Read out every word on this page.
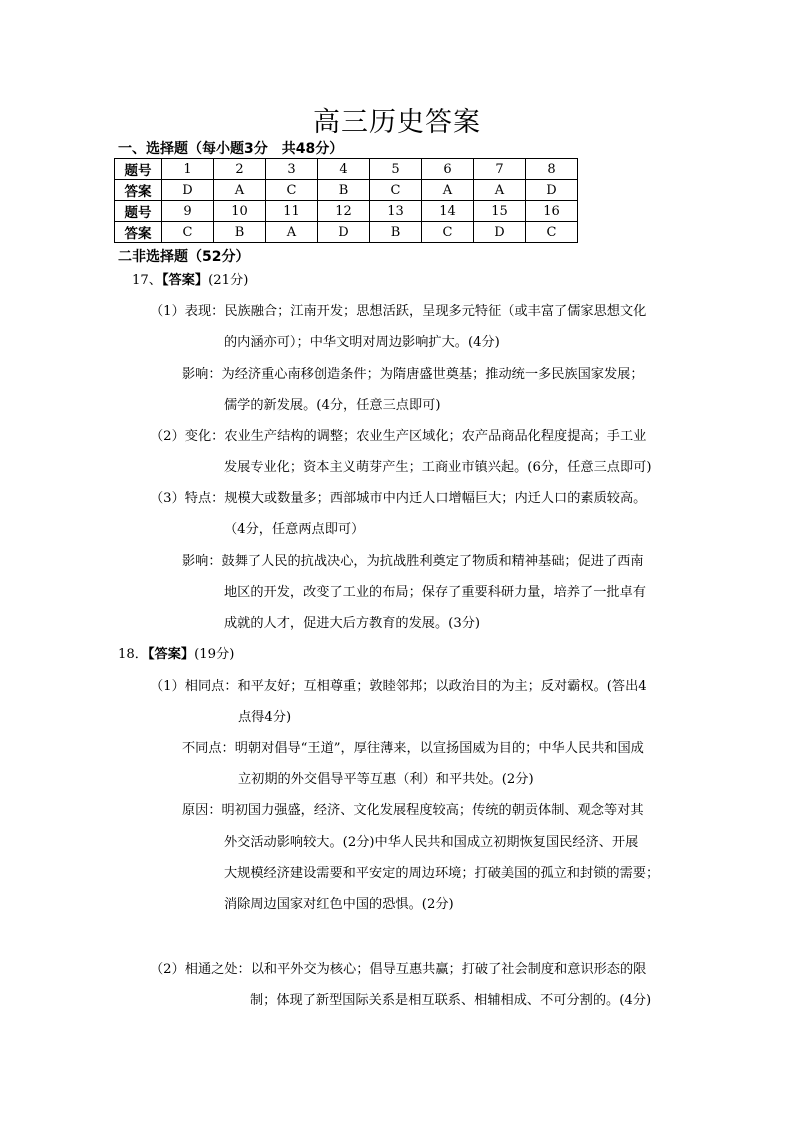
高三历史答案
一、选择题（每小题3分　共48分）
题号	1	2	3	4	5	6	7	8
答案	D	A	C	B	C	A	A	D
题号	9	10	11	12	13	14	15	16
答案	C	B	A	D	B	C	D	C
二非选择题（52分）
17、【答案】(21分)
（1）表现：民族融合；江南开发；思想活跃，呈现多元特征（或丰富了儒家思想文化
的内涵亦可）；中华文明对周边影响扩大。(4分)
影响：为经济重心南移创造条件；为隋唐盛世奠基；推动统一多民族国家发展；
儒学的新发展。(4分，任意三点即可)
（2）变化：农业生产结构的调整；农业生产区域化；农产品商品化程度提高；手工业
发展专业化；资本主义萌芽产生；工商业市镇兴起。(6分，任意三点即可)
（3）特点：规模大或数量多；西部城市中内迁人口增幅巨大；内迁人口的素质较高。
（4分，任意两点即可）
影响：鼓舞了人民的抗战决心，为抗战胜利奠定了物质和精神基础；促进了西南
地区的开发，改变了工业的布局；保存了重要科研力量，培养了一批卓有
成就的人才，促进大后方教育的发展。(3分)
18．【答案】(19分)
（1）相同点：和平友好；互相尊重；敦睦邻邦；以政治目的为主；反对霸权。(答出4
点得4分)
不同点：明朝对倡导“王道”，厚往薄来，以宣扬国威为目的；中华人民共和国成
立初期的外交倡导平等互惠（利）和平共处。(2分)
原因：明初国力强盛，经济、文化发展程度较高；传统的朝贡体制、观念等对其
外交活动影响较大。(2分)中华人民共和国成立初期恢复国民经济、开展
大规模经济建设需要和平安定的周边环境；打破美国的孤立和封锁的需要；
消除周边国家对红色中国的恐惧。(2分)
（2）相通之处：以和平外交为核心；倡导互惠共赢；打破了社会制度和意识形态的限
制；体现了新型国际关系是相互联系、相辅相成、不可分割的。(4分)
